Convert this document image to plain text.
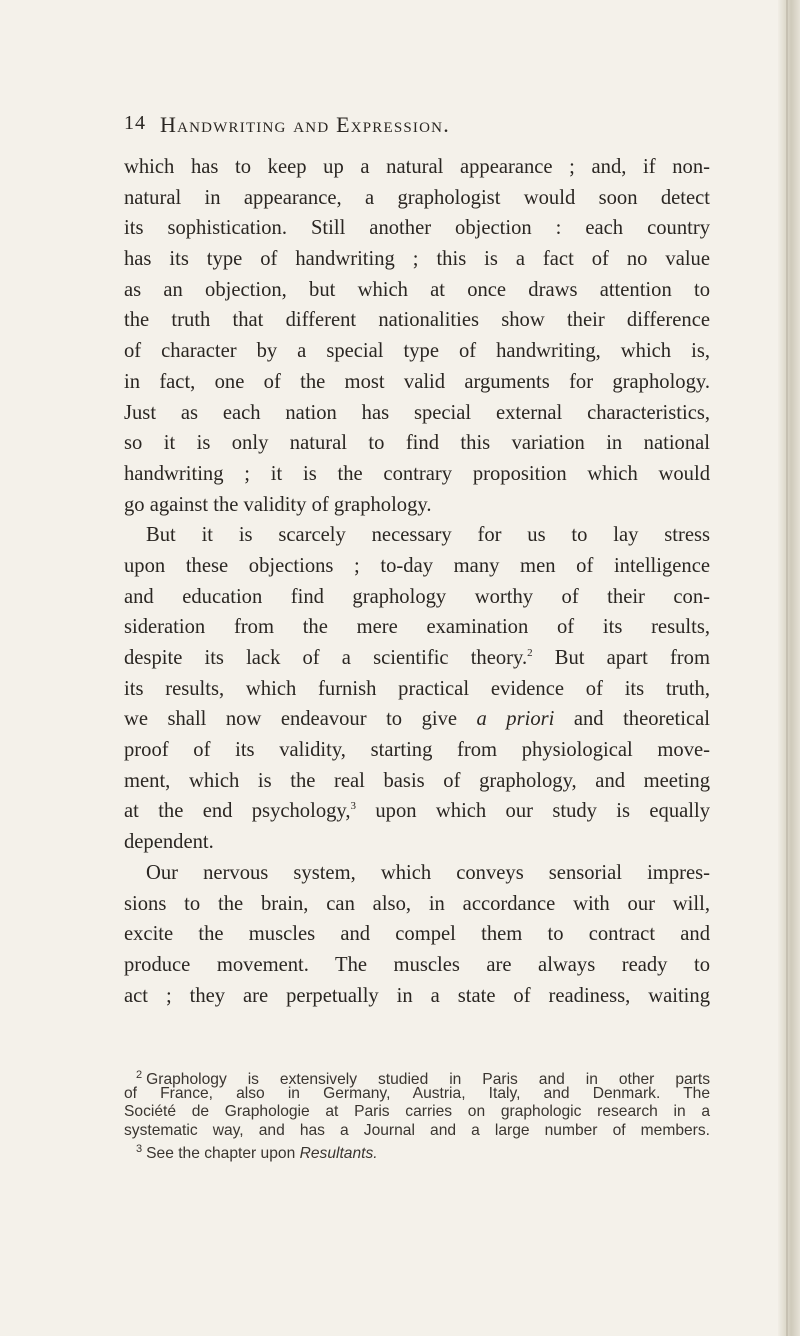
14 Handwriting and Expression.
which has to keep up a natural appearance ; and, if non-
natural in appearance, a graphologist would soon detect
its sophistication. Still another objection : each country
has its type of handwriting ; this is a fact of no value
as an objection, but which at once draws attention to
the truth that different nationalities show their difference
of character by a special type of handwriting, which is,
in fact, one of the most valid arguments for graphology.
Just as each nation has special external characteristics,
so it is only natural to find this variation in national
handwriting ; it is the contrary proposition which would
go against the validity of graphology.
But it is scarcely necessary for us to lay stress
upon these objections ; to-day many men of intelligence
and education find graphology worthy of their con-
sideration from the mere examination of its results,
despite its lack of a scientific theory.$^2$ But apart from
its results, which furnish practical evidence of its truth,
we shall now endeavour to give a priori and theoretical
proof of its validity, starting from physiological move-
ment, which is the real basis of graphology, and meeting
at the end psychology,$^3$ upon which our study is equally
dependent.
Our nervous system, which conveys sensorial impres-
sions to the brain, can also, in accordance with our will,
excite the muscles and compel them to contract and
produce movement. The muscles are always ready to
act ; they are perpetually in a state of readiness, waiting
$^2$ Graphology is extensively studied in Paris and in other parts
of France, also in Germany, Austria, Italy, and Denmark. The
Société de Graphologie at Paris carries on graphologic research in a
systematic way, and has a Journal and a large number of members.
$^3$ See the chapter upon Resultants.
